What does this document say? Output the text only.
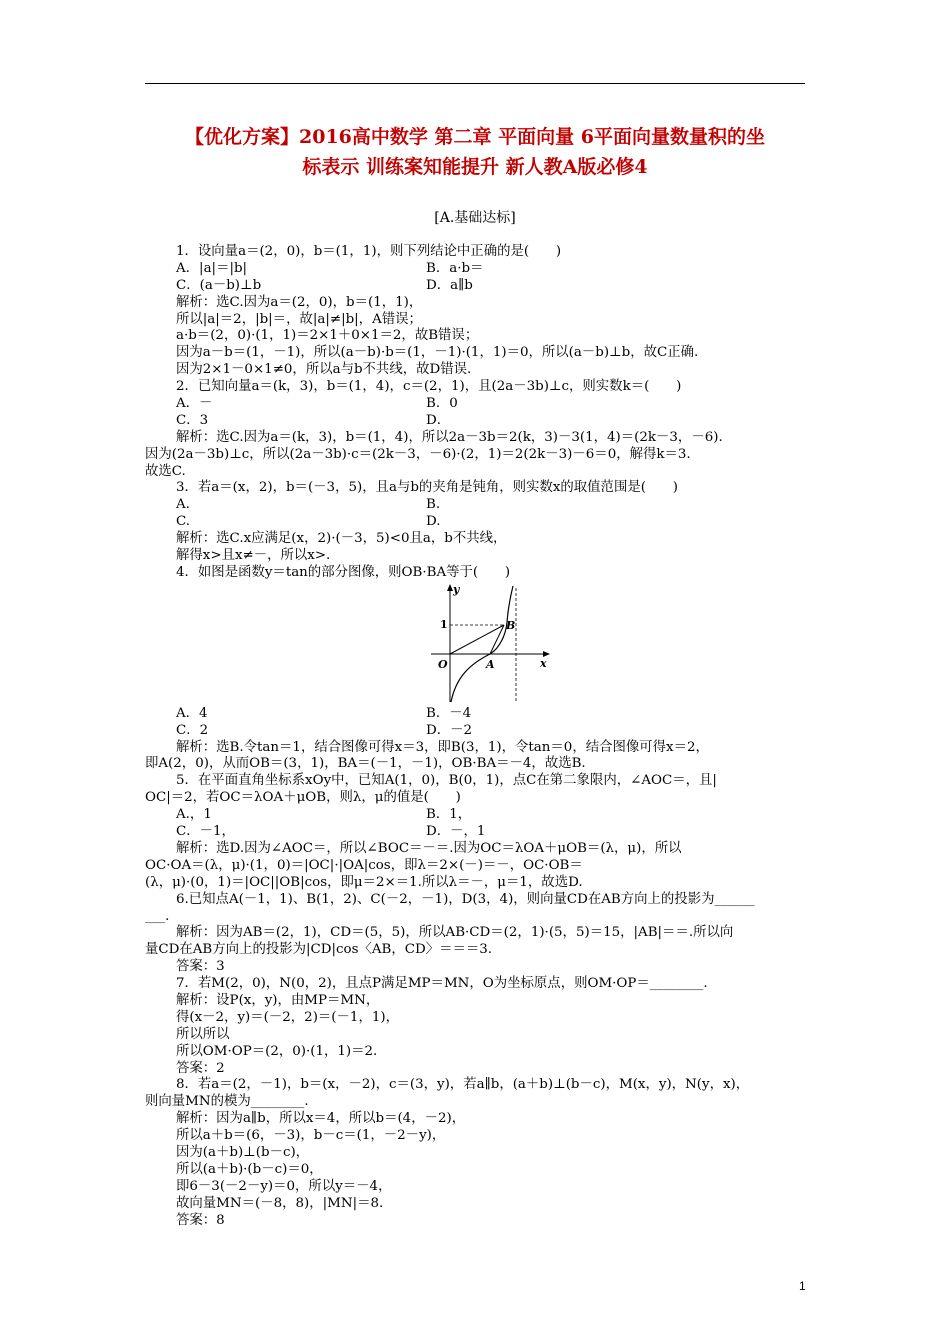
【优化方案】2016高中数学 第二章 平面向量 6平面向量数量积的坐
标表示 训练案知能提升 新人教A版必修4
[A.基础达标]
1．设向量a＝(2，0)，b＝(1，1)，则下列结论中正确的是(　　)
A．|a|＝|b|	B．a·b＝
C．(a－b)⊥b	D．a∥b
解析：选C.因为a＝(2，0)，b＝(1，1)，
所以|a|＝2，|b|＝，故|a|≠|b|，A错误；
a·b＝(2，0)·(1，1)＝2×1＋0×1＝2，故B错误；
因为a－b＝(1，－1)，所以(a－b)·b＝(1，－1)·(1，1)＝0，所以(a－b)⊥b，故C正确.
因为2×1－0×1≠0，所以a与b不共线，故D错误.
2．已知向量a＝(k，3)，b＝(1，4)，c＝(2，1)，且(2a－3b)⊥c，则实数k＝(　　)
A．－	B．0
C．3	D．
解析：选C.因为a＝(k，3)，b＝(1，4)，所以2a－3b＝2(k，3)－3(1，4)＝(2k－3，－6).
因为(2a－3b)⊥c，所以(2a－3b)·c＝(2k－3，－6)·(2，1)＝2(2k－3)－6＝0，解得k＝3.
故选C.
3．若a＝(x，2)，b＝(－3，5)，且a与b的夹角是钝角，则实数x的取值范围是(　　)
A.	B.
C.	D.
解析：选C.x应满足(x，2)·(－3，5)<0且a，b不共线，
解得x>且x≠－，所以x>.
4．如图是函数y＝tan的部分图像，则OB·BA等于(　　)
y
x
O	A
B
1
A．4	B．－4
C．2	D．－2
解析：选B.令tan＝1，结合图像可得x＝3，即B(3，1)，令tan＝0，结合图像可得x＝2，
即A(2，0)，从而OB＝(3，1)，BA＝(－1，－1)，OB·BA＝－4，故选B.
5．在平面直角坐标系xOy中，已知A(1，0)，B(0，1)，点C在第二象限内，∠AOC＝，且|
OC|＝2，若OC＝λOA＋μOB，则λ，μ的值是(　　)
A.，1	B．1，
C．－1，	D．－，1
解析：选D.因为∠AOC＝，所以∠BOC＝－＝.因为OC＝λOA＋μOB＝(λ，μ)，所以
OC·OA＝(λ，μ)·(1，0)＝|OC|·|OA|cos，即λ＝2×(－)＝－，OC·OB＝
(λ，μ)·(0，1)＝|OC||OB|cos，即μ＝2×＝1.所以λ＝－，μ＝1，故选D.
6.已知点A(－1，1)、B(1，2)、C(－2，－1)，D(3，4)，则向量CD在AB方向上的投影为______
___.
解析：因为AB＝(2，1)，CD＝(5，5)，所以AB·CD＝(2，1)·(5，5)＝15，|AB|＝＝.所以向
量CD在AB方向上的投影为|CD|cos〈AB，CD〉＝＝＝3.
答案：3
7．若M(2，0)，N(0，2)，且点P满足MP＝MN，O为坐标原点，则OM·OP＝________.
解析：设P(x，y)，由MP＝MN，
得(x－2，y)＝(－2，2)＝(－1，1)，
所以所以
所以OM·OP＝(2，0)·(1，1)＝2.
答案：2
8．若a＝(2，－1)，b＝(x，－2)，c＝(3，y)，若a∥b，(a＋b)⊥(b－c)，M(x，y)，N(y，x)，
则向量MN的模为________.
解析：因为a∥b，所以x＝4，所以b＝(4，－2)，
所以a＋b＝(6，－3)，b－c＝(1，－2－y)，
因为(a＋b)⊥(b－c)，
所以(a＋b)·(b－c)＝0，
即6－3(－2－y)＝0，所以y＝－4，
故向量MN＝(－8，8)，|MN|＝8.
答案：8
1
